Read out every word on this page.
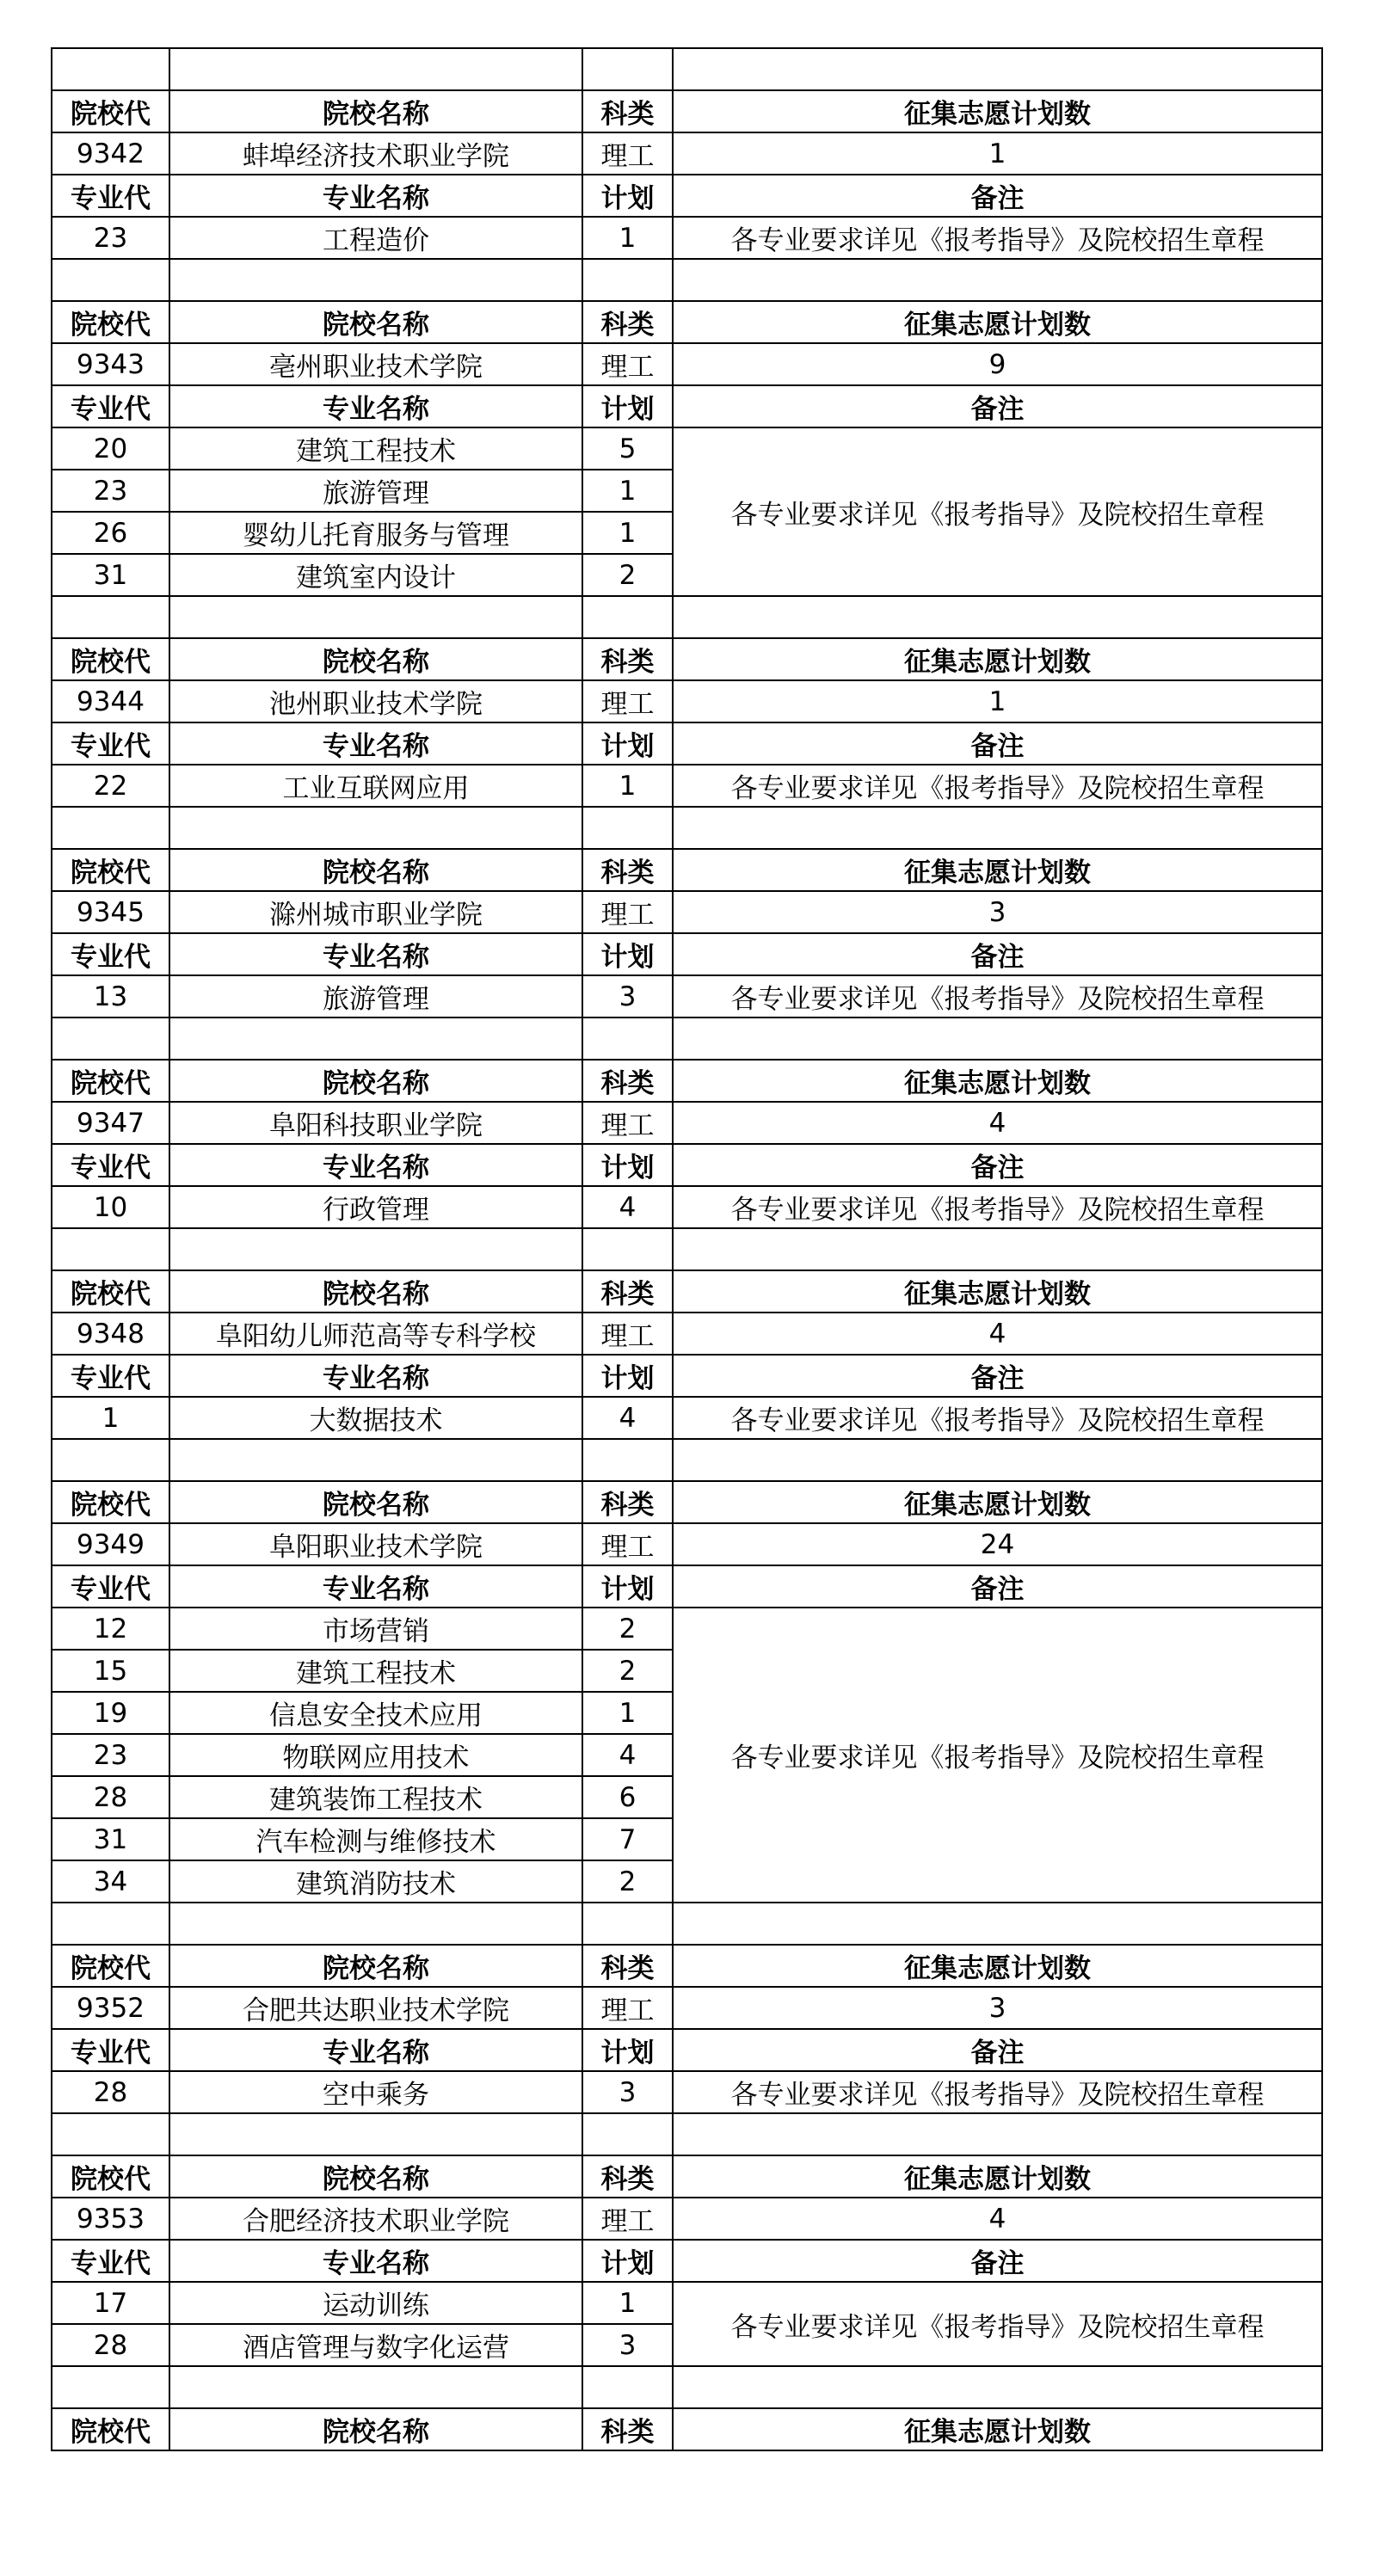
院校代	院校名称	科类	征集志愿计划数
9342	蚌埠经济技术职业学院	理工	1
专业代	专业名称	计划	备注
23	工程造价	1	各专业要求详见《报考指导》及院校招生章程

院校代	院校名称	科类	征集志愿计划数
9343	亳州职业技术学院	理工	9
专业代	专业名称	计划	备注
20	建筑工程技术	5	各专业要求详见《报考指导》及院校招生章程
23	旅游管理	1	
26	婴幼儿托育服务与管理	1	
31	建筑室内设计	2	

院校代	院校名称	科类	征集志愿计划数
9344	池州职业技术学院	理工	1
专业代	专业名称	计划	备注
22	工业互联网应用	1	各专业要求详见《报考指导》及院校招生章程

院校代	院校名称	科类	征集志愿计划数
9345	滁州城市职业学院	理工	3
专业代	专业名称	计划	备注
13	旅游管理	3	各专业要求详见《报考指导》及院校招生章程

院校代	院校名称	科类	征集志愿计划数
9347	阜阳科技职业学院	理工	4
专业代	专业名称	计划	备注
10	行政管理	4	各专业要求详见《报考指导》及院校招生章程

院校代	院校名称	科类	征集志愿计划数
9348	阜阳幼儿师范高等专科学校	理工	4
专业代	专业名称	计划	备注
1	大数据技术	4	各专业要求详见《报考指导》及院校招生章程

院校代	院校名称	科类	征集志愿计划数
9349	阜阳职业技术学院	理工	24
专业代	专业名称	计划	备注
12	市场营销	2	各专业要求详见《报考指导》及院校招生章程
15	建筑工程技术	2	
19	信息安全技术应用	1	
23	物联网应用技术	4	
28	建筑装饰工程技术	6	
31	汽车检测与维修技术	7	
34	建筑消防技术	2	

院校代	院校名称	科类	征集志愿计划数
9352	合肥共达职业技术学院	理工	3
专业代	专业名称	计划	备注
28	空中乘务	3	各专业要求详见《报考指导》及院校招生章程

院校代	院校名称	科类	征集志愿计划数
9353	合肥经济技术职业学院	理工	4
专业代	专业名称	计划	备注
17	运动训练	1	各专业要求详见《报考指导》及院校招生章程
28	酒店管理与数字化运营	3	

院校代	院校名称	科类	征集志愿计划数
